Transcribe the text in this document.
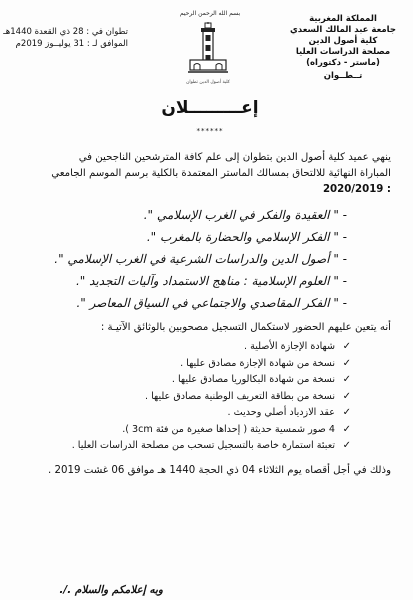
المملكة المغربية
جامعة عبد المالك السعدي
كلية أصول الدين
مصلحة الدراسات العليا
(ماستر - دكتوراه)
تــطــوان
تطوان في : 28 ذي القعدة 1440هـ
الموافق لـ : 31 يوليــوز 2019م
بسم الله الرحمن الرحيم
كلية أصول الدين تطوان
إعـــــــــلان
******
ينهي عميد كلية أصول الدين بتطوان إلى علم كافة المترشحين الناجحين في
المباراة النهائية للالتحاق بمسالك الماستر المعتمدة بالكلية برسم الموسم الجامعي
2020/2019 :
- " العقيدة والفكر في الغرب الإسلامي ".
- " الفكر الإسلامي والحضارة بالمغرب ".
- " أصول الدين والدراسات الشرعية في الغرب الإسلامي ".
- " العلوم الإسلامية : مناهج الاستمداد وآليات التجديد ".
- " الفكر المقاصدي والاجتماعي في السياق المعاصر ".
أنه يتعين عليهم الحضور لاستكمال التسجيل مصحوبين بالوثائق الآتيـة :
✓شهادة الإجازة الأصلية .
✓نسخة من شهادة الإجازة مصادق عليها .
✓نسخة من شهادة البكالوريا مصادق عليها .
✓نسخة من بطاقة التعريف الوطنية مصادق عليها .
✓عقد الازدياد أصلي وحديث .
✓4 صور شمسية حديثة ( إحداها صغيرة من فئة 3cm ).
✓تعبئة استمارة خاصة بالتسجيل تسحب من مصلحة الدراسات العليا .
وذلك في أجل أقصاه يوم الثلاثاء 04 ذي الحجة 1440 هـ موافق 06 غشت 2019 .
وبه إعلامكم والسلام ./.
